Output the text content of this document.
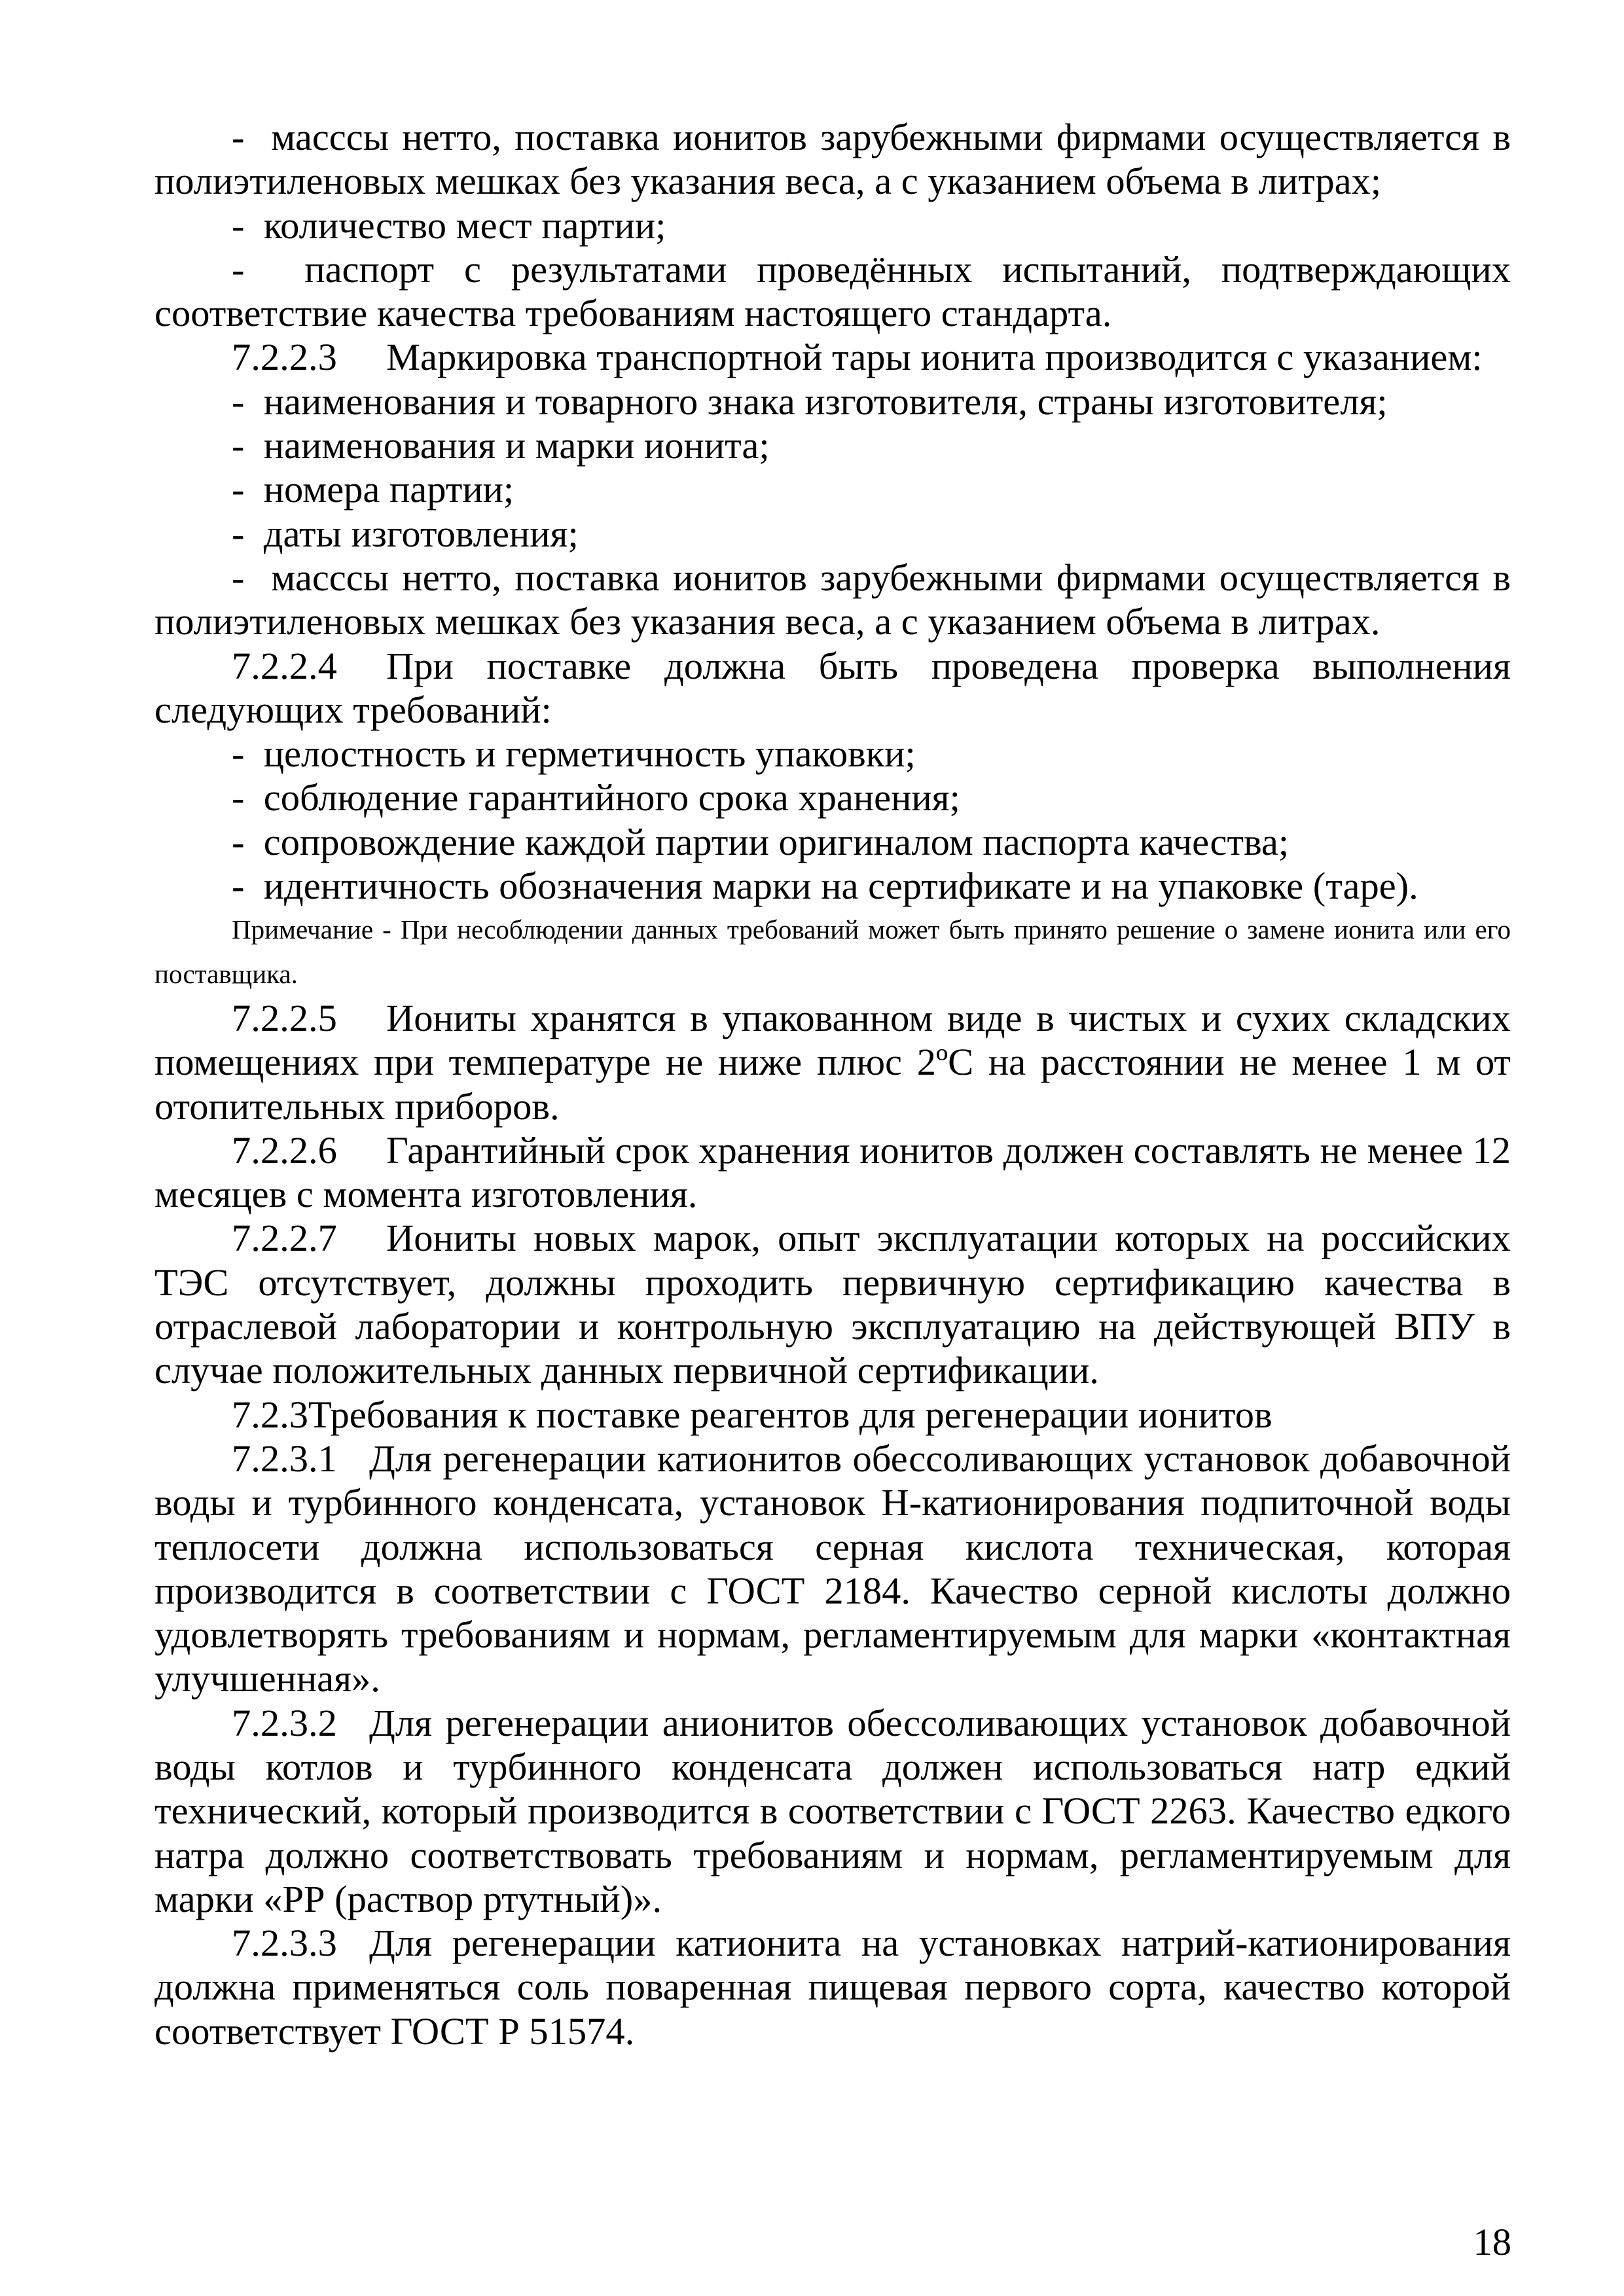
-  масссы нетто, поставка ионитов зарубежными фирмами осуществляется в полиэтиленовых мешках без указания веса, а с указанием объема в литрах;

-  количество мест партии;

-  паспорт с результатами проведённых испытаний, подтверждающих соответствие качества требованиям настоящего стандарта.

7.2.2.3 Маркировка транспортной тары ионита производится с указанием:

-  наименования и товарного знака изготовителя, страны изготовителя;

-  наименования и марки ионита;

-  номера партии;

-  даты изготовления;

-  масссы нетто, поставка ионитов зарубежными фирмами осуществляется в полиэтиленовых мешках без указания веса, а с указанием объема в литрах.

7.2.2.4 При поставке должна быть проведена проверка выполнения следующих требований:

-  целостность и герметичность упаковки;

-  соблюдение гарантийного срока хранения;

-  сопровождение каждой партии оригиналом паспорта качества;

-  идентичность обозначения марки на сертификате и на упаковке (таре).

Примечание - При несоблюдении данных требований может быть принято решение о замене ионита или его поставщика.

7.2.2.5 Иониты хранятся в упакованном виде в чистых и сухих складских помещениях при температуре не ниже плюс 2ºС на расстоянии не менее 1 м от отопительных приборов.

7.2.2.6 Гарантийный срок хранения ионитов должен составлять не менее 12 месяцев с момента изготовления.

7.2.2.7 Иониты новых марок, опыт эксплуатации которых на российских ТЭС отсутствует, должны проходить первичную сертификацию качества в отраслевой лаборатории и контрольную эксплуатацию на действующей ВПУ в случае положительных данных первичной сертификации.

7.2.3Требования к поставке реагентов для регенерации ионитов

7.2.3.1 Для регенерации катионитов обессоливающих установок добавочной воды и турбинного конденсата, установок Н-катионирования подпиточной воды теплосети должна использоваться серная кислота техническая, которая производится в соответствии с ГОСТ 2184. Качество серной кислоты должно удовлетворять требованиям и нормам, регламентируемым для марки «контактная улучшенная».

7.2.3.2 Для регенерации анионитов обессоливающих установок добавочной воды котлов и турбинного конденсата должен использоваться натр едкий технический, который производится в соответствии с ГОСТ 2263. Качество едкого натра должно соответствовать требованиям и нормам, регламентируемым для марки «РР (раствор ртутный)».

7.2.3.3 Для регенерации катионита на установках натрий-катионирования должна применяться соль поваренная пищевая первого сорта, качество которой соответствует ГОСТ Р 51574.

18
